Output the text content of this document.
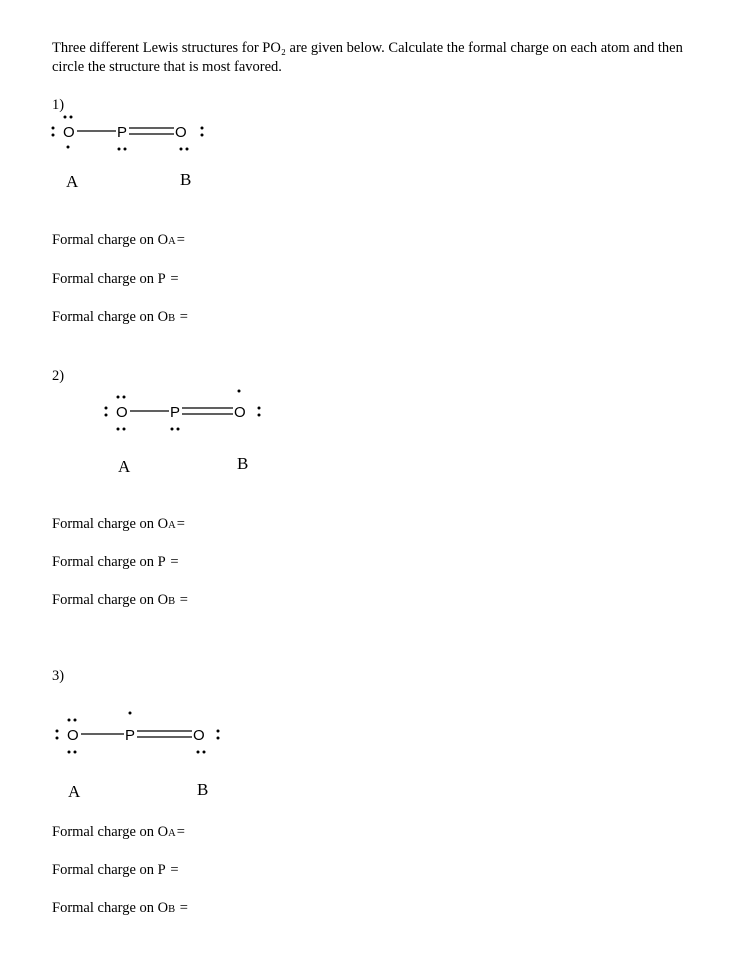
Three different Lewis structures for PO₂ are given below. Calculate the formal charge on each atom and then circle the structure that is most favored.
1)
O	P	O
A	B
Formal charge on OA=
Formal charge on P =
Formal charge on OB =
2)
O	P	O
A	B
Formal charge on OA=
Formal charge on P =
Formal charge on OB =
3)
O	P	O
A	B
Formal charge on OA=
Formal charge on P =
Formal charge on OB =
